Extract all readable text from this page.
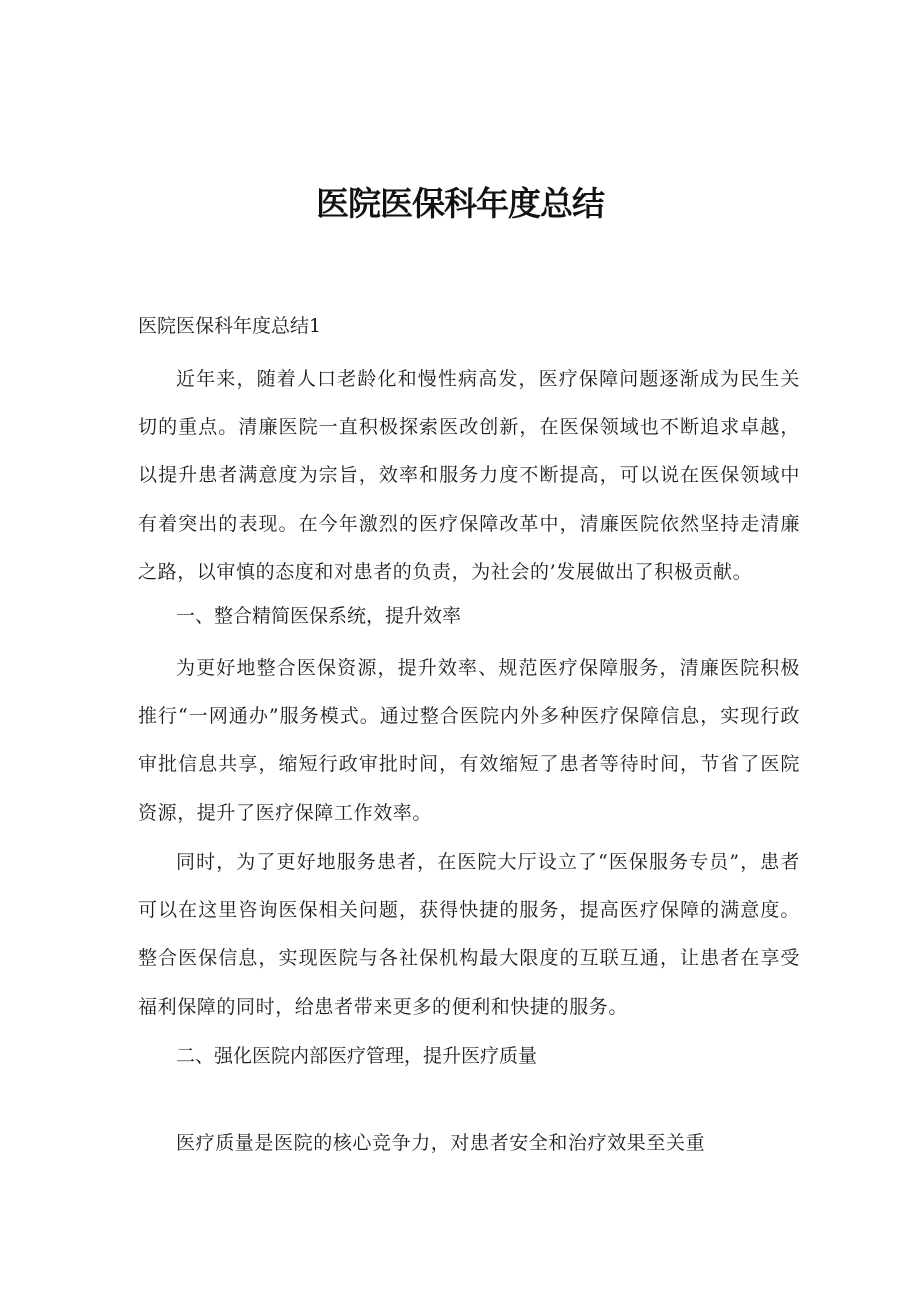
医院医保科年度总结

医院医保科年度总结1

近年来，随着人口老龄化和慢性病高发，医疗保障问题逐渐成为民生关切的重点。清廉医院一直积极探索医改创新，在医保领域也不断追求卓越，以提升患者满意度为宗旨，效率和服务力度不断提高，可以说在医保领域中有着突出的表现。在今年激烈的医疗保障改革中，清廉医院依然坚持走清廉之路，以审慎的态度和对患者的负责，为社会的’发展做出了积极贡献。

一、整合精简医保系统，提升效率

为更好地整合医保资源，提升效率、规范医疗保障服务，清廉医院积极推行“一网通办”服务模式。通过整合医院内外多种医疗保障信息，实现行政审批信息共享，缩短行政审批时间，有效缩短了患者等待时间，节省了医院资源，提升了医疗保障工作效率。

同时，为了更好地服务患者，在医院大厅设立了“医保服务专员”，患者可以在这里咨询医保相关问题，获得快捷的服务，提高医疗保障的满意度。整合医保信息，实现医院与各社保机构最大限度的互联互通，让患者在享受福利保障的同时，给患者带来更多的便利和快捷的服务。

二、强化医院内部医疗管理，提升医疗质量

医疗质量是医院的核心竞争力，对患者安全和治疗效果至关重
